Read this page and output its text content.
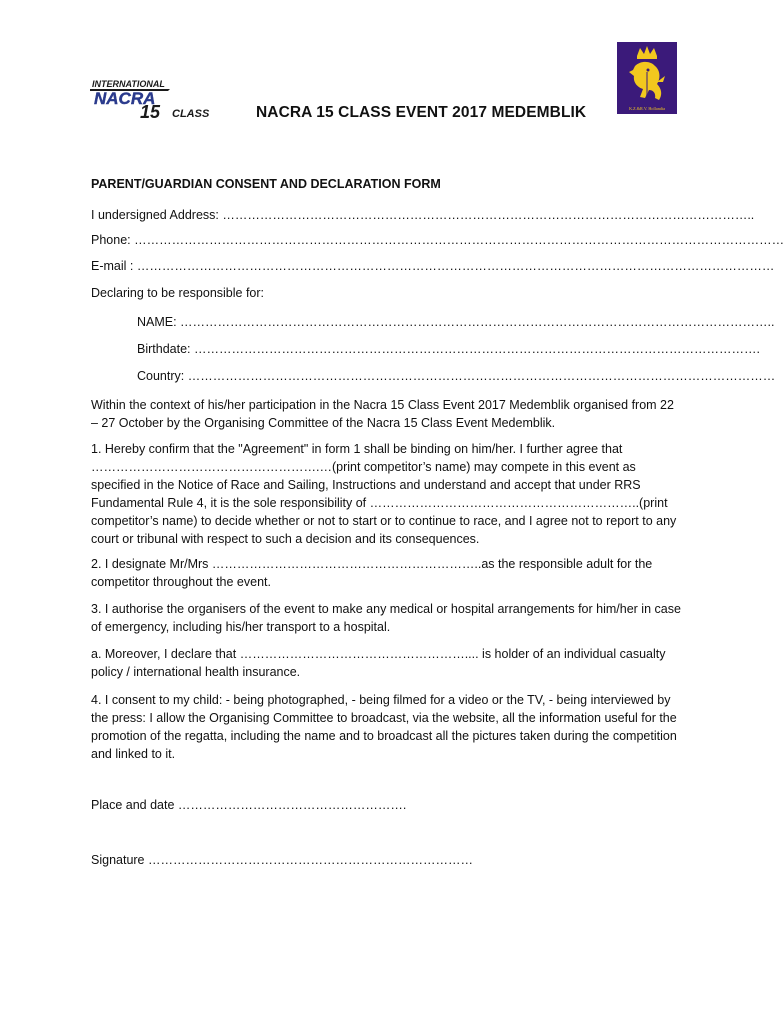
INTERNATIONAL
NACRA
15 CLASS	K.Z.&R.V. Hollandia
NACRA 15 CLASS EVENT 2017 MEDEMBLIK
PARENT/GUARDIAN CONSENT AND DECLARATION FORM
I undersigned Address: ………………………………………………………………………………………………………………..
Phone: …………………………………………………………………………………………………………………………………………
E-mail : ………………………………………………………………………………………………………………………………………
Declaring to be responsible for:
NAME: ……………………………………………………………………………………………………………………………..
Birthdate: ……………………………………………………………………………………………………………………….
Country: ……………………………………………………………………………………………………………………………

Within the context of his/her participation in the Nacra 15 Class Event 2017 Medemblik organised from 22 – 27 October by the Organising Committee of the Nacra 15 Class Event Medemblik.

1. Hereby confirm that the "Agreement" in form 1 shall be binding on him/her. I further agree that ……………………………………………….…(print competitor’s name) may compete in this event as specified in the Notice of Race and Sailing, Instructions and understand and accept that under RRS Fundamental Rule 4, it is the sole responsibility of ………………………………………………………..(print competitor’s name) to decide whether or not to start or to continue to race, and I agree not to report to any court or tribunal with respect to such a decision and its consequences.

2. I designate Mr/Mrs ………………………………………………………..as the responsible adult for the competitor throughout the event.

3. I authorise the organisers of the event to make any medical or hospital arrangements for him/her in case of emergency, including his/her transport to a hospital.

a. Moreover, I declare that ……………………………………………….... is holder of an individual casualty policy / international health insurance.

4. I consent to my child: - being photographed, - being filmed for a video or the TV, - being interviewed by the press: I allow the Organising Committee to broadcast, via the website, all the information useful for the promotion of the regatta, including the name and to broadcast all the pictures taken during the competition and linked to it.

Place and date ……………………………………………….
Signature ……………………………………………………………………
